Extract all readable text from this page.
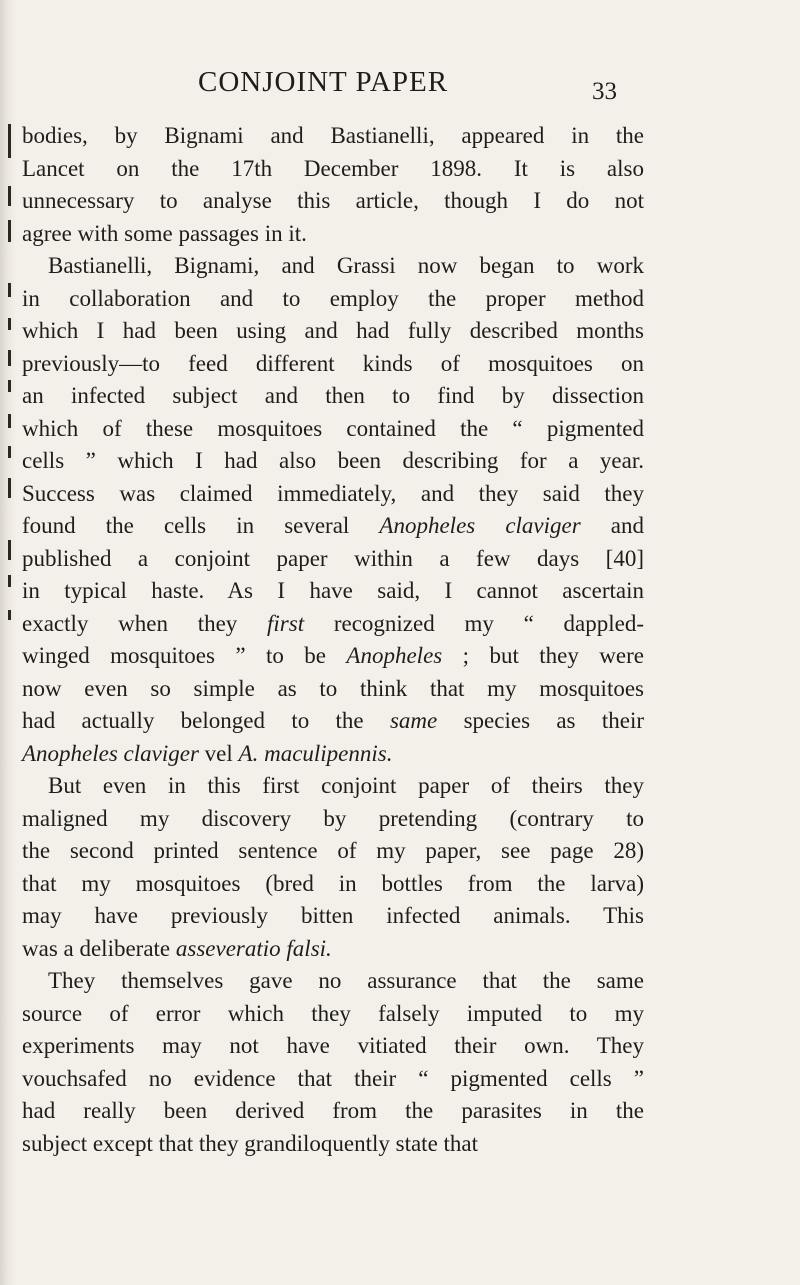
CONJOINT PAPER	33
bodies, by Bignami and Bastianelli, appeared in the
Lancet on the 17th December 1898. It is also
unnecessary to analyse this article, though I do not
agree with some passages in it.
Bastianelli, Bignami, and Grassi now began to work
in collaboration and to employ the proper method
which I had been using and had fully described months
previously—to feed different kinds of mosquitoes on
an infected subject and then to find by dissection
which of these mosquitoes contained the “ pigmented
cells ” which I had also been describing for a year.
Success was claimed immediately, and they said they
found the cells in several Anopheles claviger and
published a conjoint paper within a few days [40]
in typical haste. As I have said, I cannot ascertain
exactly when they first recognized my “ dappled-
winged mosquitoes ” to be Anopheles ; but they were
now even so simple as to think that my mosquitoes
had actually belonged to the same species as their
Anopheles claviger vel A. maculipennis.
But even in this first conjoint paper of theirs they
maligned my discovery by pretending (contrary to
the second printed sentence of my paper, see page 28)
that my mosquitoes (bred in bottles from the larva)
may have previously bitten infected animals. This
was a deliberate asseveratio falsi.
They themselves gave no assurance that the same
source of error which they falsely imputed to my
experiments may not have vitiated their own. They
vouchsafed no evidence that their “ pigmented cells ”
had really been derived from the parasites in the
subject except that they grandiloquently state that
